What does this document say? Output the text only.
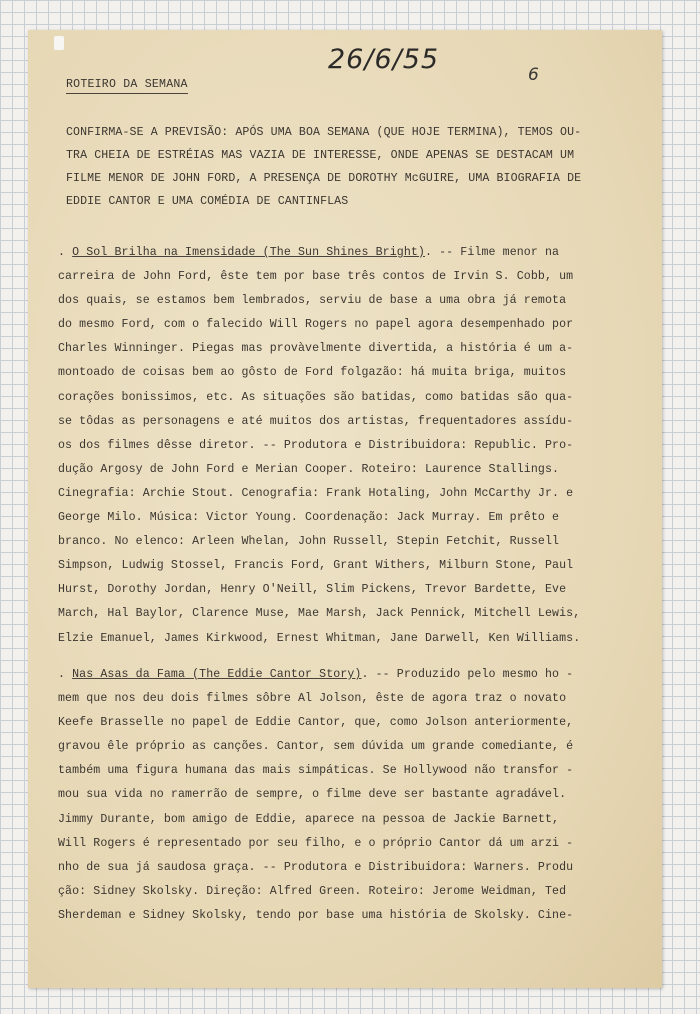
26/6/55	6
ROTEIRO DA SEMANA
CONFIRMA-SE A PREVISÃO: APÓS UMA BOA SEMANA (QUE HOJE TERMINA), TEMOS OU-
TRA CHEIA DE ESTRÉIAS MAS VAZIA DE INTERESSE, ONDE APENAS SE DESTACAM UM
FILME MENOR DE JOHN FORD, A PRESENÇA DE DOROTHY McGUIRE, UMA BIOGRAFIA DE
EDDIE CANTOR E UMA COMÉDIA DE CANTINFLAS
. O Sol Brilha na Imensidade (The Sun Shines Bright). -- Filme menor na
carreira de John Ford, êste tem por base três contos de Irvin S. Cobb, um
dos quais, se estamos bem lembrados, serviu de base a uma obra já remota
do mesmo Ford, com o falecido Will Rogers no papel agora desempenhado por
Charles Winninger. Piegas mas provàvelmente divertida, a história é um a-
montoado de coisas bem ao gôsto de Ford folgazão: há muita briga, muitos
corações bonissimos, etc. As situações são batidas, como batidas são qua-
se tôdas as personagens e até muitos dos artistas, frequentadores assídu-
os dos filmes dêsse diretor. -- Produtora e Distribuidora: Republic. Pro-
dução Argosy de John Ford e Merian Cooper. Roteiro: Laurence Stallings.
Cinegrafia: Archie Stout. Cenografia: Frank Hotaling, John McCarthy Jr. e
George Milo. Música: Victor Young. Coordenação: Jack Murray. Em prêto e
branco. No elenco: Arleen Whelan, John Russell, Stepin Fetchit, Russell
Simpson, Ludwig Stossel, Francis Ford, Grant Withers, Milburn Stone, Paul
Hurst, Dorothy Jordan, Henry O'Neill, Slim Pickens, Trevor Bardette, Eve
March, Hal Baylor, Clarence Muse, Mae Marsh, Jack Pennick, Mitchell Lewis,
Elzie Emanuel, James Kirkwood, Ernest Whitman, Jane Darwell, Ken Williams.
. Nas Asas da Fama (The Eddie Cantor Story). -- Produzido pelo mesmo ho -
mem que nos deu dois filmes sôbre Al Jolson, êste de agora traz o novato
Keefe Brasselle no papel de Eddie Cantor, que, como Jolson anteriormente,
gravou êle próprio as canções. Cantor, sem dúvida um grande comediante, é
também uma figura humana das mais simpáticas. Se Hollywood não transfor -
mou sua vida no ramerrão de sempre, o filme deve ser bastante agradável.
Jimmy Durante, bom amigo de Eddie, aparece na pessoa de Jackie Barnett,
Will Rogers é representado por seu filho, e o próprio Cantor dá um arzi -
nho de sua já saudosa graça. -- Produtora e Distribuidora: Warners. Produ
ção: Sidney Skolsky. Direção: Alfred Green. Roteiro: Jerome Weidman, Ted
Sherdeman e Sidney Skolsky, tendo por base uma história de Skolsky. Cine-
